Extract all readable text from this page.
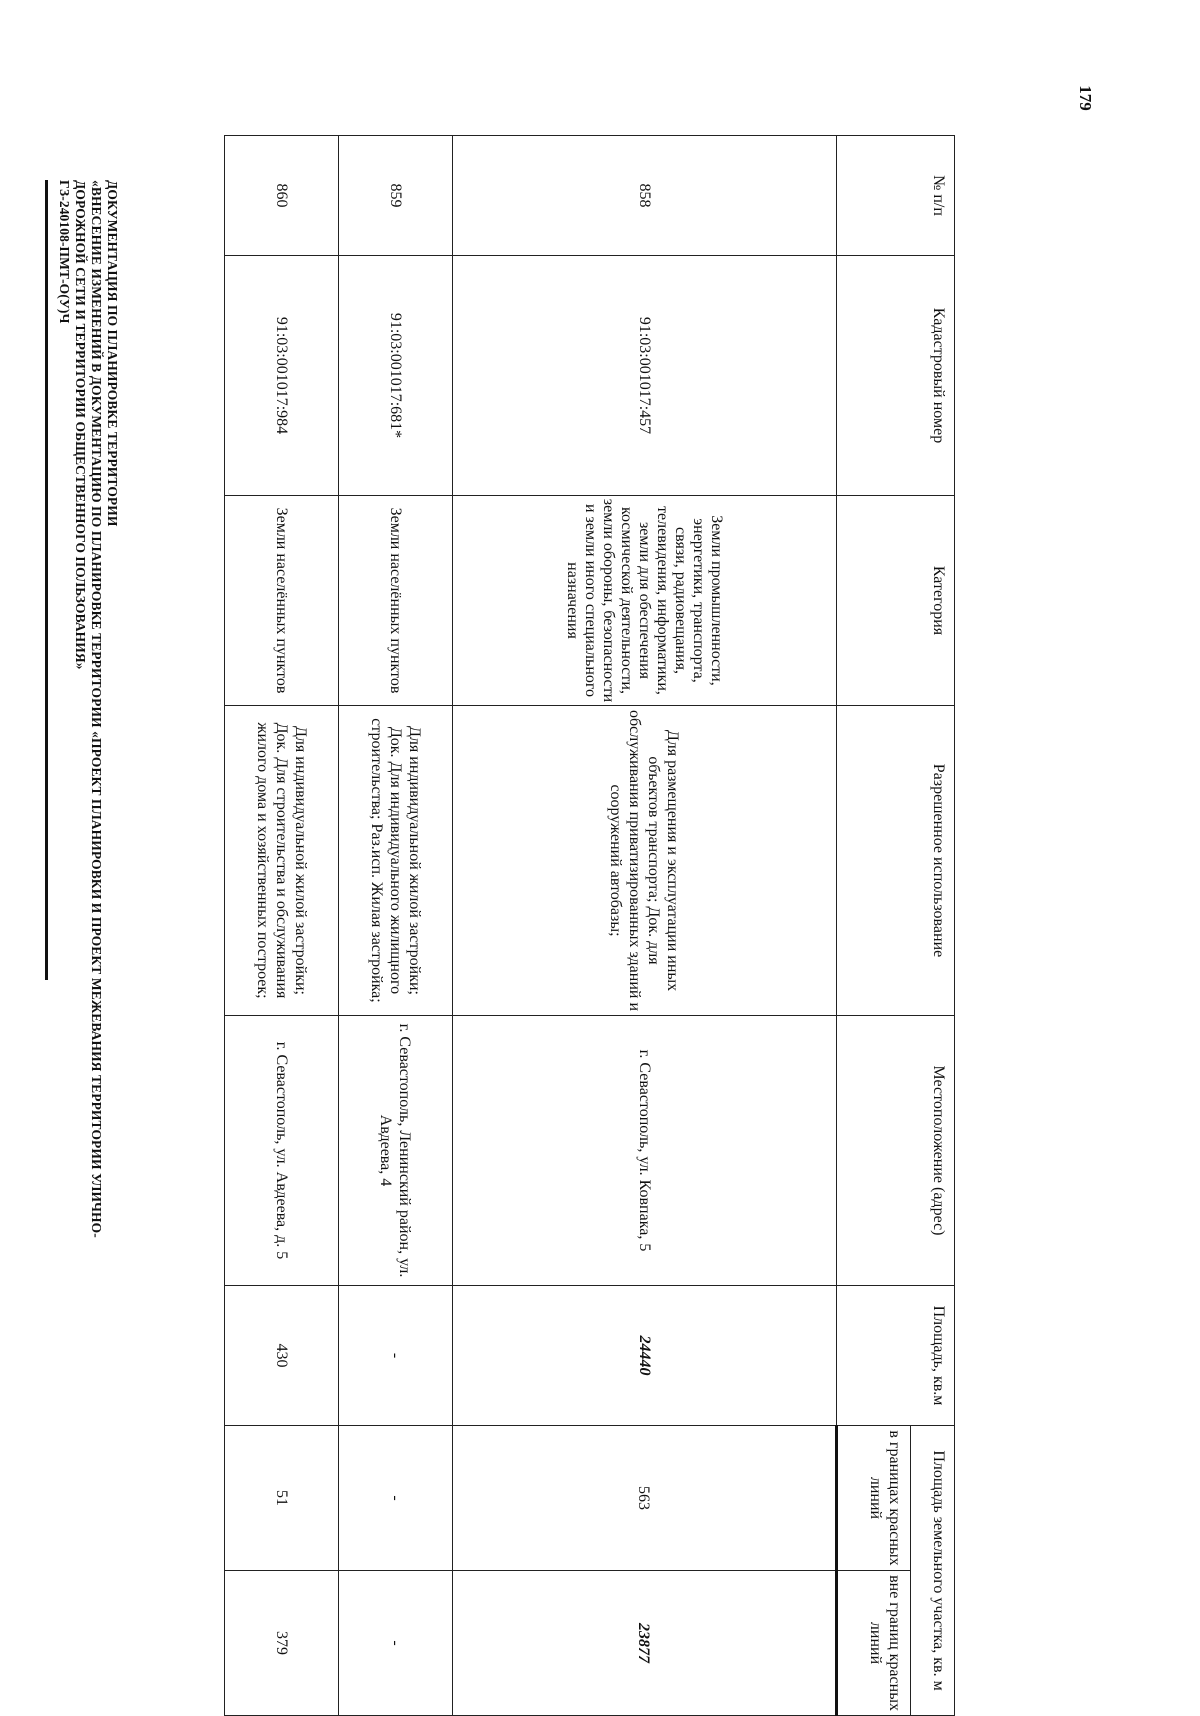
179
ДОКУМЕНТАЦИЯ ПО ПЛАНИРОВКЕ ТЕРРИТОРИИ
«ВНЕСЕНИЕ ИЗМЕНЕНИЙ В ДОКУМЕНТАЦИЮ ПО ПЛАНИРОВКЕ ТЕРРИТОРИИ «ПРОЕКТ ПЛАНИРОВКИ И ПРОЕКТ МЕЖЕВАНИЯ ТЕРРИТОРИИ УЛИЧНО-
ДОРОЖНОЙ СЕТИ И ТЕРРИТОРИИ ОБЩЕСТВЕННОГО ПОЛЬЗОВАНИЯ»
ГЗ-240108-ПМТ-О(У)Ч	№ п/п	Кадастровый номер	Категория	Разрешенное использование	Местоположение (адрес)	Площадь, кв.м	Площадь земельного участка, кв. м	
						в границах красных линий	вне границ красных линий
858	91:03:001017:457	Земли промышленности, энергетики, транспорта, связи, радиовещания, телевидения, информатики, земли для обеспечения космической деятельности, земли обороны, безопасности и земли иного специального назначения	Для размещения и эксплуатации иных объектов транспорта; Док. для обслуживания приватизированных зданий и сооружений автобазы;	г. Севастополь, ул. Ковпака, 5	24440	563	23877
859	91:03:001017:681*	Земли населённых пунктов	Для индивидуальной жилой застройки; Док. Для индивидуального жилищного строительства; Раз.исп. Жилая застройка;	г. Севастополь, Ленинский район, ул. Авдеева, 4	-	-	-
860	91:03:001017:984	Земли населённых пунктов	Для индивидуальной жилой застройки; Док. Для строительства и обслуживания жилого дома и хозяйственных построек;	г. Севастополь, ул. Авдеева, д. 5	430	51	379
